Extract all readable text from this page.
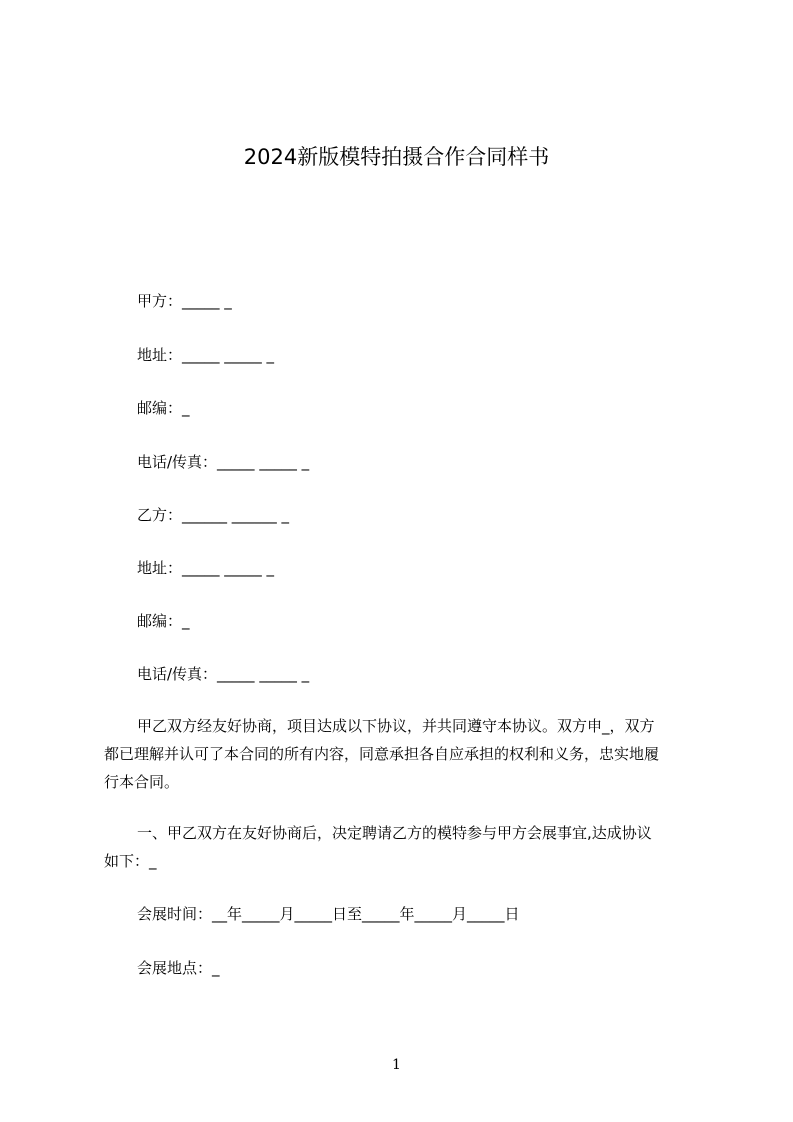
2024新版模特拍摄合作合同样书
甲方：_____ _
地址：_____ _____ _
邮编：_
电话/传真：_____ _____ _
乙方：______ ______ _
地址：_____ _____ _
邮编：_
电话/传真：_____ _____ _
甲乙双方经友好协商，项目达成以下协议，并共同遵守本协议。双方申_，双方
都已理解并认可了本合同的所有内容，同意承担各自应承担的权利和义务，忠实地履
行本合同。
一、甲乙双方在友好协商后，决定聘请乙方的模特参与甲方会展事宜,达成协议
如下：_
会展时间：__年_____月_____日至_____年_____月_____日
会展地点：_
1
